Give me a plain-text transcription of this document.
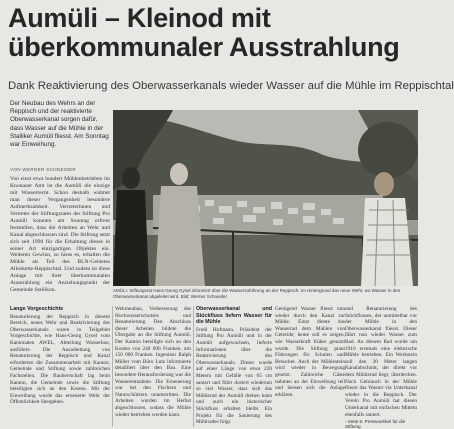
Aumüli – Kleinod mit
überkommunaler Ausstrahlung
Dank Reaktivierung des Oberwasserkanals wieder Wasser auf die Mühle im Reppischtal
Der Neubau des Wehrs an der Reppisch und der reaktivierte Oberwasserkanal sorgen dafür, dass Wasser auf die Mühle in der Stalliker Aumüli fliesst. Am Sonntag war Einweihung.
VON WERNER SCHNEIDER
Von einst etwa hundert Mühlenbetrieben im Knonauer Amt ist die Aumüli die einzige mit Wasserrecht. Schon deshalb widmet man dieser Vergangenheit besondere Aufmerksamkeit. Vertreterinnen und Vertreter der Stiftungsrates der Stiftung Pro Aumüli konnten am Sonntag erfreut feststellen, dass die Arbeiten an Wehr und Kanal abgeschlossen sind. Die Stiftung setzt sich seit 1990 für die Erhaltung dieses in seiner Art einzigartigen Objektes ein. Weiteren Gewinn, so hiess es, erhalten die Mühle als Teil des BLN-Gebietes Albiskette-Reppischtal. Und zudem ist diese Anlage mit ihrer überkommunalen Ausstrahlung ein Anziehungspunkt der Gemeinde Stallikon.	AMÜLI: Stiftungsrat Hans-Georg Gysel informiert über die Wasserzuführung an der Reppisch. Im Hintergrund das neue Wehr, wo Wasser in den Oberwasserkanal abgeleitet wird. Bild: Werner Schneider
Lange Vorgeschichte
Renaturierung der Reppisch in diesem Bereich, neues Wehr und Reaktivierung des Oberwasserkanals waren in Teilgebiet Vorgeschichte, wie Hans-Georg Gysel vom Kantonalen AWEL, Abteilung Wasserbau, ausführte. Die Ausarbeitung von Renaturierung der Reppisch und Kanal erforderten die Zusammenarbeit mit Kanton, Gemeinde und Stiftung sowie zahlreichen Fachstellen. Die Bauherrschaft lag beim Kanton, die Gemeinde sowie die Stiftung beteiligten sich an den Kosten. Mit der Einweihung wurde das erneuerte Wehr der Öffentlichkeit übergeben.
Wehrneubau, Verbesserung des Hochwasserschutzes und Renaturierung. Den Abschluss dieser Arbeiten bildete die Übergabe an die Stiftung Aumüli. Der Kanton beteiligte sich an den Kosten von 240 000 Franken, mit 150 000 Franken. Ingenieur Ralph Müller vom Büro Lutz informierte detailliert über den Bau. Eine besondere Herausforderung war die Wasserentnahme. Die Erneuerung war bei den Fischern und Naturschützern unumstritten. Die Arbeiten wurden im Herbst abgeschlossen, sodass die Mühle wieder betrieben werden kann.
Oberwasserkanal und Stückfluss liefern Wasser für die Mühle
Fredi Hofmann, Präsident der Stiftung Pro Aumüli und in der Aumüli aufgewachsen, lieferte Informationen über die Reaktivierung des Oberwasserkanals. Dieser wurde auf einer Länge von etwa 220 Metern mit Gefälle von 65 cm saniert und führt dosiert wiederum so viel Wasser, dass sich das Mühlerad der Aumüli drehen kann und auch ein historischer Stückfluss erhalten bleibt. Ein Projekt für die Sanierung des Mühlrades folgt.
Genügend Wasser fliesst nun wieder durch den Kanal zur Mühle. Einst diente das Wasserrad dem Mahlen von Getreide; heute soll es zeigen, wie Wasserkraft früher genutzt wurde. Die Stiftung plant Führungen für Schulen und Besucher. Auch der Mühlestein wird wieder in Bewegung gesetzt. Zahlreiche Gäste nahmen an der Einweihung teil und liessen sich die Anlage erklären.
und Renaturierung des Stückflusses, der unmittelbar vor der Mühle in den Oberwasserkanal fliesst. Dieser führt nun wieder Wasser zum Rad. An diesem Rad wurde um 1910 erstmals eine elektrische Mühle betrieben. Ein Werkstein soll den 20 Meter langen Kanalabschnitt, der direkt vor dem Mühlerad liegt, überdecken. Nach Gebrauch in der Mühle fliesst das Wasser via Unterkanal wieder in die Reppisch. Der Verein Pro Aumüli hat diesen Unterkanal mit einfachen Mitteln ebenfalls saniert.
› Seite 5: Presseartikel für die Stiftung
